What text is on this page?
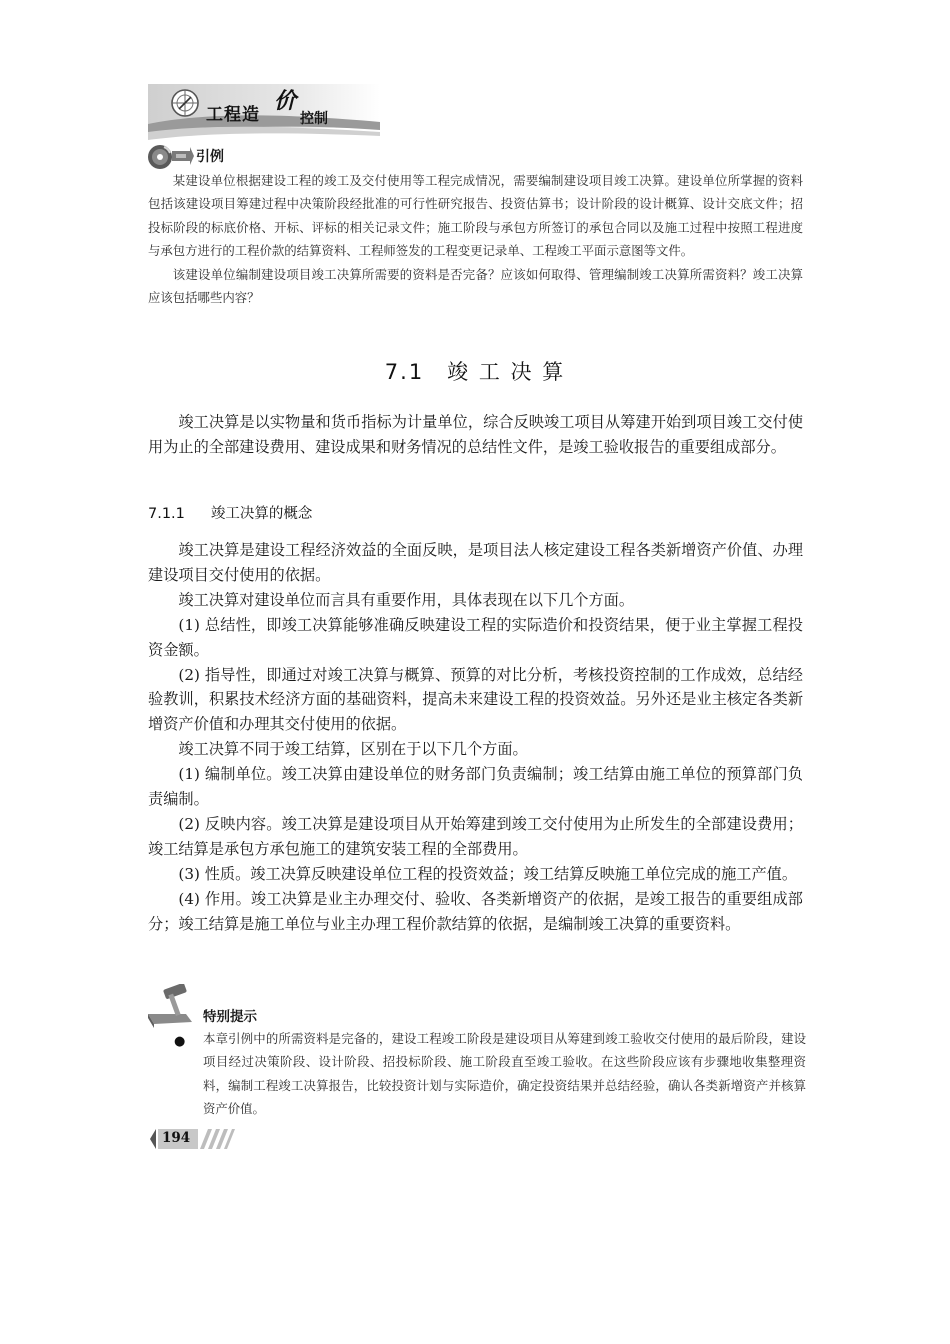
工程造
价
控制
引例

某建设单位根据建设工程的竣工及交付使用等工程完成情况，需要编制建设项目竣工决算。建设单位所掌握的资料包括该建设项目筹建过程中决策阶段经批准的可行性研究报告、投资估算书；设计阶段的设计概算、设计交底文件；招投标阶段的标底价格、开标、评标的相关记录文件；施工阶段与承包方所签订的承包合同以及施工过程中按照工程进度与承包方进行的工程价款的结算资料、工程师签发的工程变更记录单、工程竣工平面示意图等文件。

该建设单位编制建设项目竣工决算所需要的资料是否完备？应该如何取得、管理编制竣工决算所需资料？竣工决算应该包括哪些内容？

7.1　竣 工 决 算

竣工决算是以实物量和货币指标为计量单位，综合反映竣工项目从筹建开始到项目竣工交付使用为止的全部建设费用、建设成果和财务情况的总结性文件，是竣工验收报告的重要组成部分。

7.1.1 竣工决算的概念

竣工决算是建设工程经济效益的全面反映，是项目法人核定建设工程各类新增资产价值、办理建设项目交付使用的依据。

竣工决算对建设单位而言具有重要作用，具体表现在以下几个方面。

(1) 总结性，即竣工决算能够准确反映建设工程的实际造价和投资结果，便于业主掌握工程投资金额。

(2) 指导性，即通过对竣工决算与概算、预算的对比分析，考核投资控制的工作成效，总结经验教训，积累技术经济方面的基础资料，提高未来建设工程的投资效益。另外还是业主核定各类新增资产价值和办理其交付使用的依据。

竣工决算不同于竣工结算，区别在于以下几个方面。

(1) 编制单位。竣工决算由建设单位的财务部门负责编制；竣工结算由施工单位的预算部门负责编制。

(2) 反映内容。竣工决算是建设项目从开始筹建到竣工交付使用为止所发生的全部建设费用；竣工结算是承包方承包施工的建筑安装工程的全部费用。

(3) 性质。竣工决算反映建设单位工程的投资效益；竣工结算反映施工单位完成的施工产值。

(4) 作用。竣工决算是业主办理交付、验收、各类新增资产的依据，是竣工报告的重要组成部分；竣工结算是施工单位与业主办理工程价款结算的依据，是编制竣工决算的重要资料。

特别提示
● 本章引例中的所需资料是完备的，建设工程竣工阶段是建设项目从筹建到竣工验收交付使用的最后阶段，建设项目经过决策阶段、设计阶段、招投标阶段、施工阶段直至竣工验收。在这些阶段应该有步骤地收集整理资料，编制工程竣工决算报告，比较投资计划与实际造价，确定投资结果并总结经验，确认各类新增资产并核算资产价值。
194
